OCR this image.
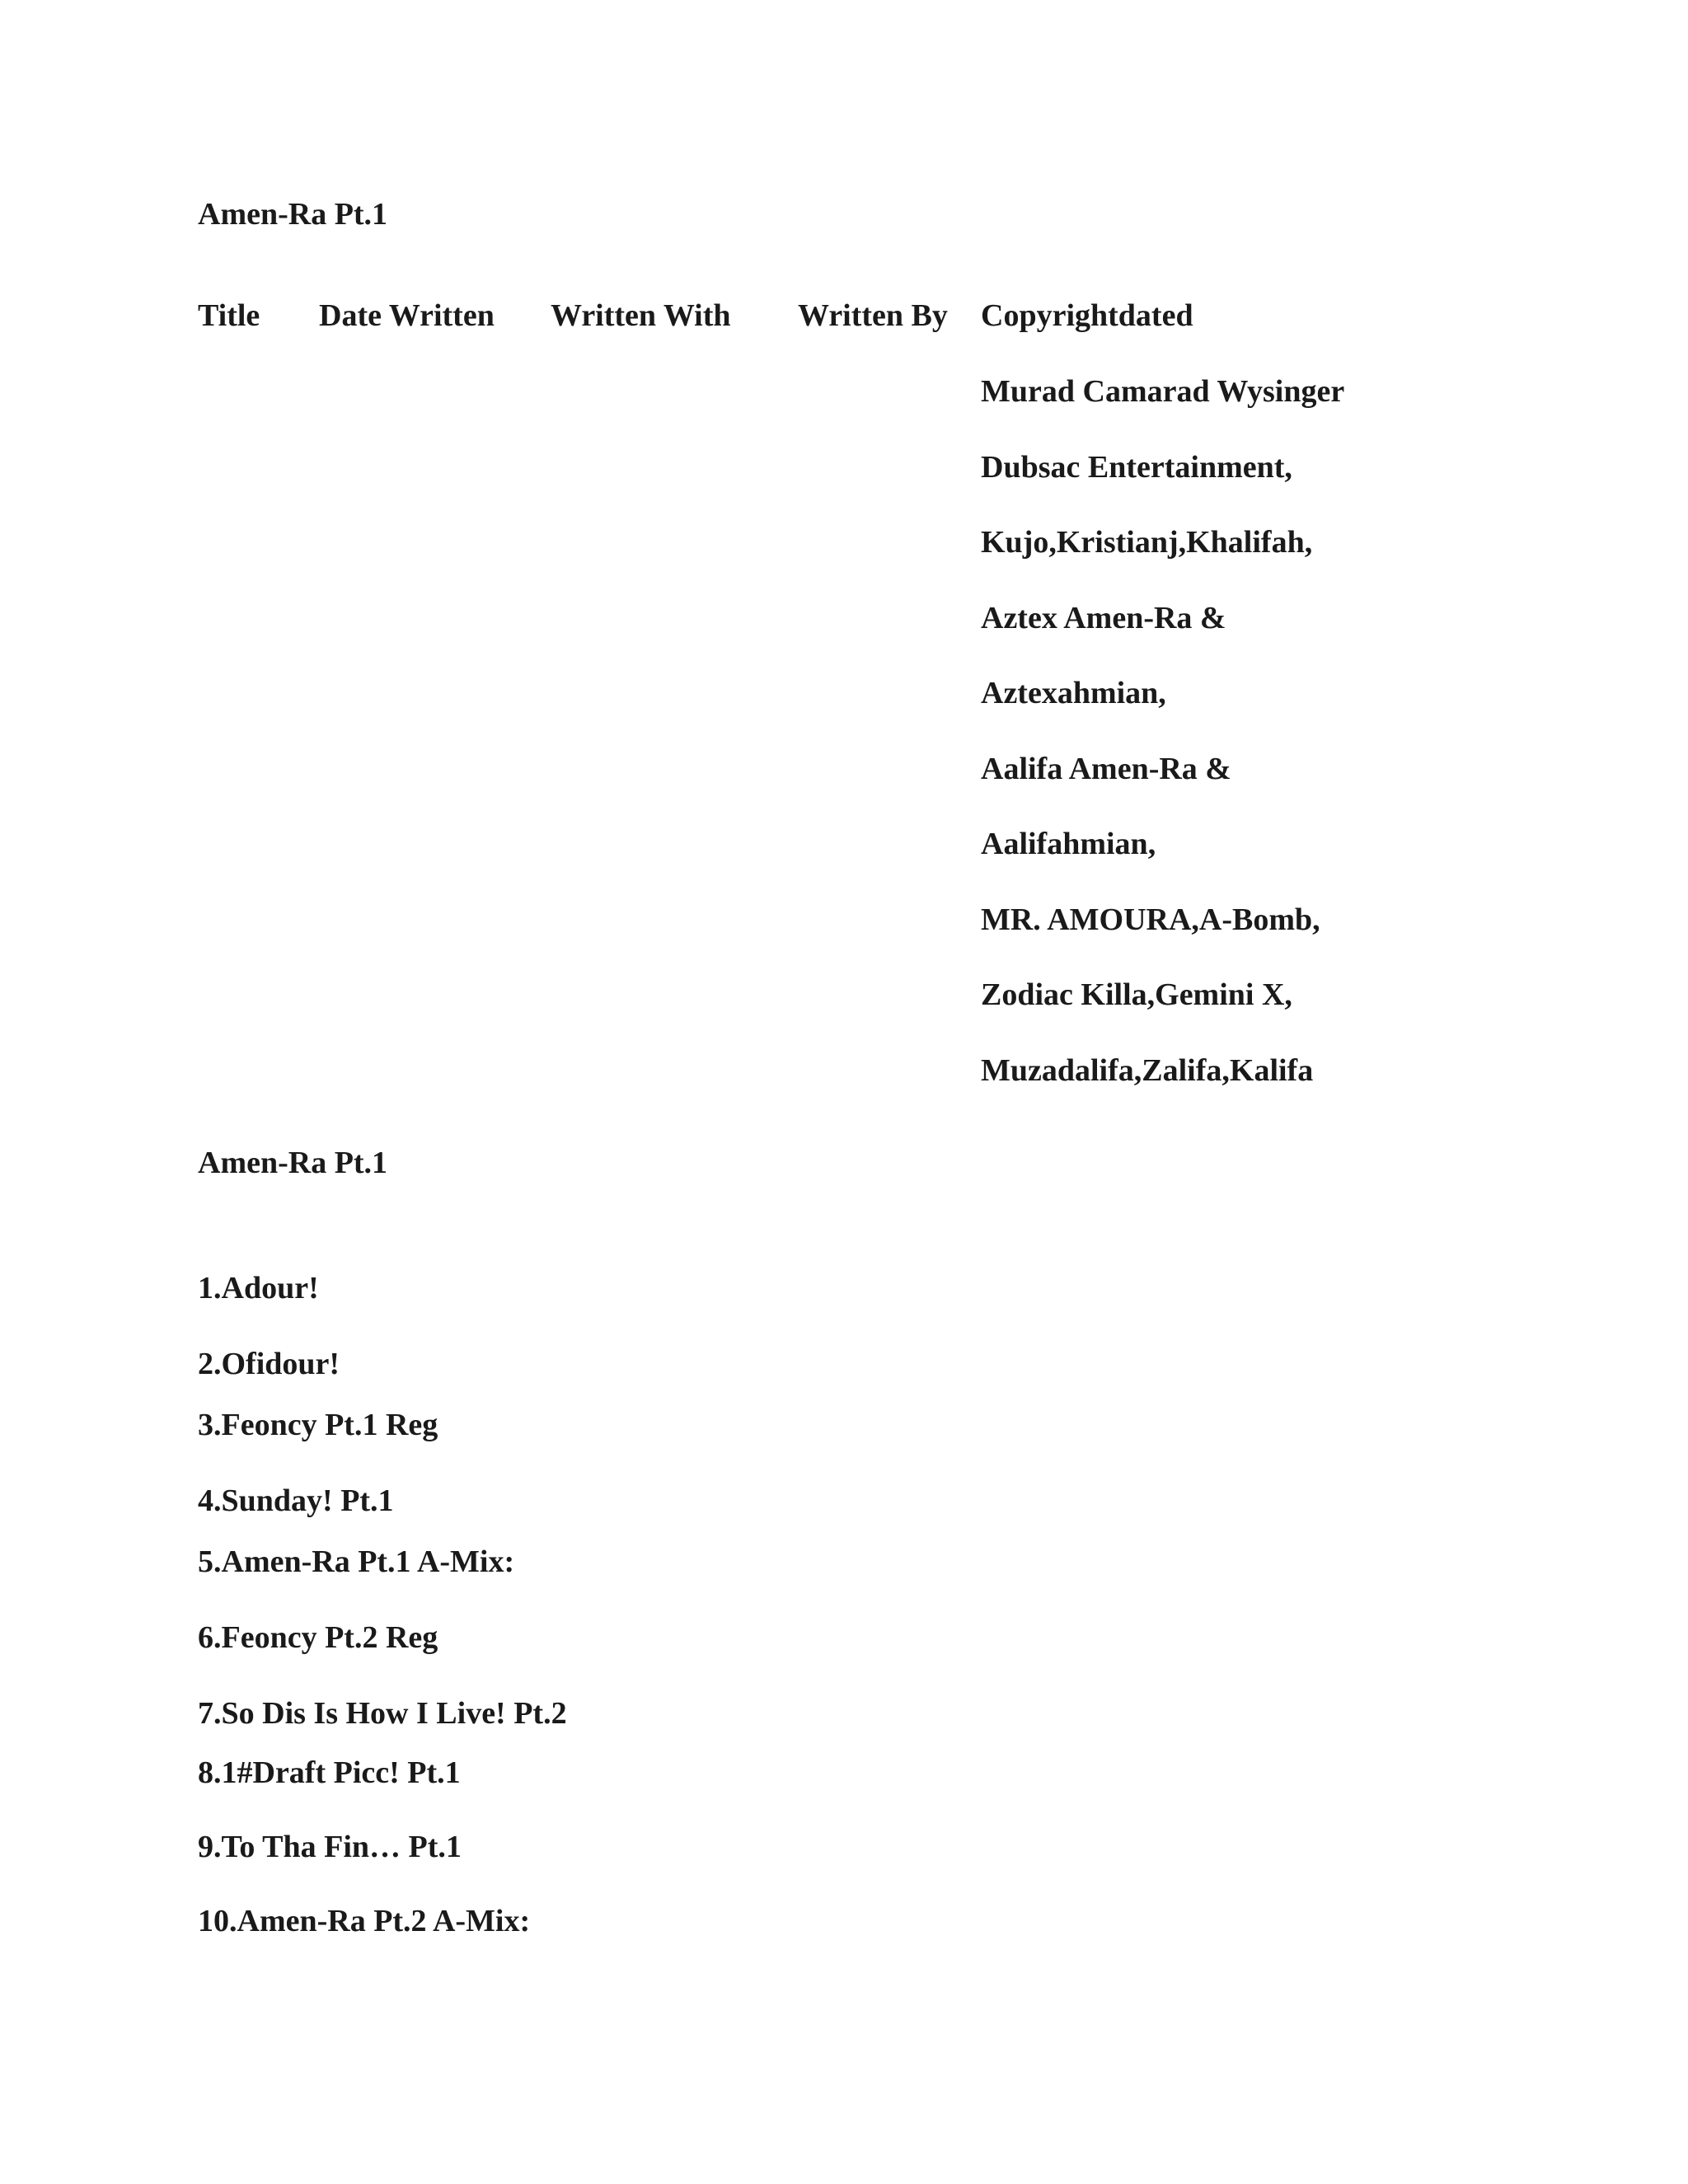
Amen-Ra Pt.1

Title Date Written Written With Written By Copyrightdated
Murad Camarad Wysinger
Dubsac Entertainment,
Kujo,Kristianj,Khalifah,
Aztex Amen-Ra &
Aztexahmian,
Aalifa Amen-Ra &
Aalifahmian,
MR. AMOURA,A-Bomb,
Zodiac Killa,Gemini X,
Muzadalifa,Zalifa,Kalifa

Amen-Ra Pt.1

1.Adour!
2.Ofidour!
3.Feoncy Pt.1 Reg
4.Sunday! Pt.1
5.Amen-Ra Pt.1 A-Mix:
6.Feoncy Pt.2 Reg
7.So Dis Is How I Live! Pt.2
8.1#Draft Picc! Pt.1
9.To Tha Fin… Pt.1
10.Amen-Ra Pt.2 A-Mix:
